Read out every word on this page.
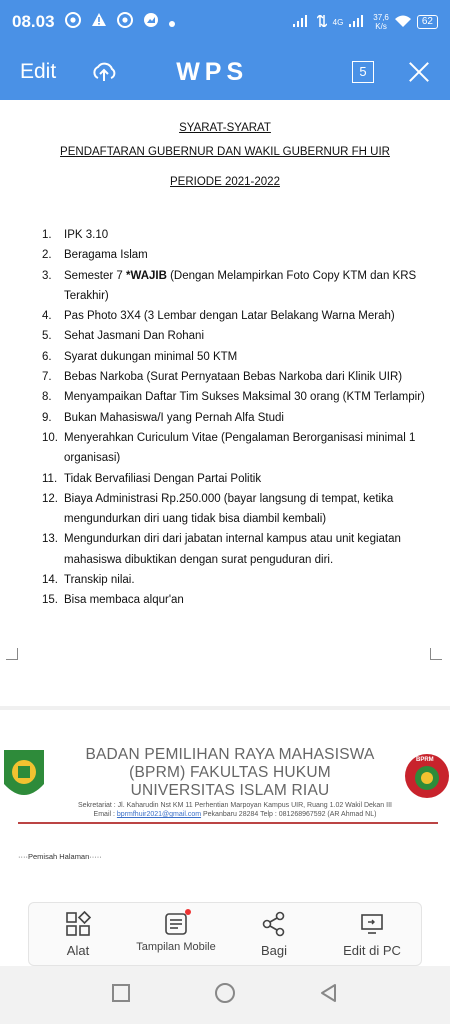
08.03	4G	37,6
K/s	62
Edit	WPS	5
SYARAT-SYARAT
PENDAFTARAN GUBERNUR DAN WAKIL GUBERNUR FH UIR
PERIODE 2021-2022
1.	IPK 3.10
2.	Beragama Islam
3.	Semester 7 *WAJIB (Dengan Melampirkan Foto Copy KTM dan KRS Terakhir)
4.	Pas Photo 3X4 (3 Lembar dengan Latar Belakang Warna Merah)
5.	Sehat Jasmani Dan Rohani
6.	Syarat dukungan minimal 50 KTM
7.	Bebas Narkoba (Surat Pernyataan Bebas Narkoba dari Klinik UIR)
8.	Menyampaikan Daftar Tim Sukses Maksimal 30 orang (KTM Terlampir)
9.	Bukan Mahasiswa/I yang Pernah Alfa Studi
10. Menyerahkan Curiculum Vitae (Pengalaman Berorganisasi minimal 1 organisasi)
11. Tidak Bervafiliasi Dengan Partai Politik
12. Biaya Administrasi Rp.250.000 (bayar langsung di tempat, ketika mengundurkan diri uang tidak bisa diambil kembali)
13. Mengundurkan diri dari jabatan internal kampus atau unit kegiatan mahasiswa dibuktikan dengan surat penguduran diri.
14. Transkip nilai.
15. Bisa membaca alqur'an
BADAN PEMILIHAN RAYA MAHASISWA
(BPRM) FAKULTAS HUKUM
UNIVERSITAS ISLAM RIAU
Sekretariat : Jl. Kaharudin Nst KM 11 Perhentian Marpoyan Kampus UIR, Ruang 1.02 Wakil Dekan III
Email : bprmfhuir2021@gmail.com Pekanbaru 28284 Telp : 081268967592 (AR Ahmad NL)
BPRM
····Pemisah Halaman·····
Alat	Tampilan Mobile	Bagi	Edit di PC
